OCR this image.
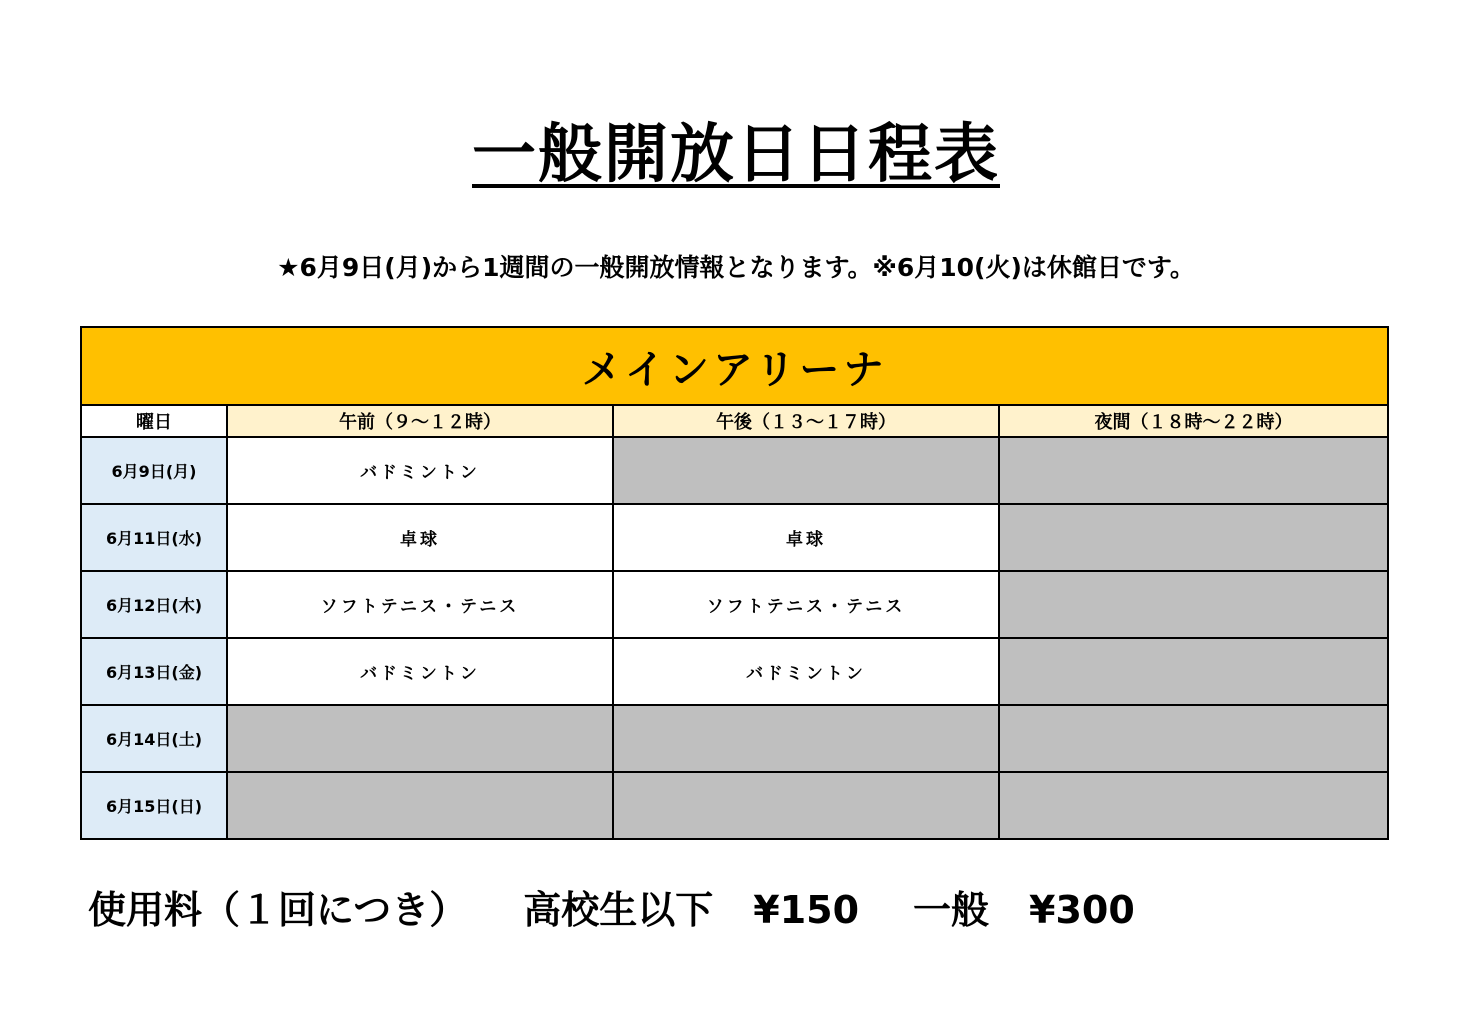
一般開放日日程表
★6月9日(月)から1週間の一般開放情報となります。※6月10(火)は休館日です。
メインアリーナ			
曜日	午前（９～１２時）	午後（１３～１７時）	夜間（１８時～２２時）
6月9日(月)	バドミントン		
6月11日(水)	卓球	卓球	
6月12日(木)	ソフトテニス・テニス	ソフトテニス・テニス	
6月13日(金)	バドミントン	バドミントン	
6月14日(土)			
6月15日(日)			
使用料（１回につき） 高校生以下 ¥150 一般 ¥300
